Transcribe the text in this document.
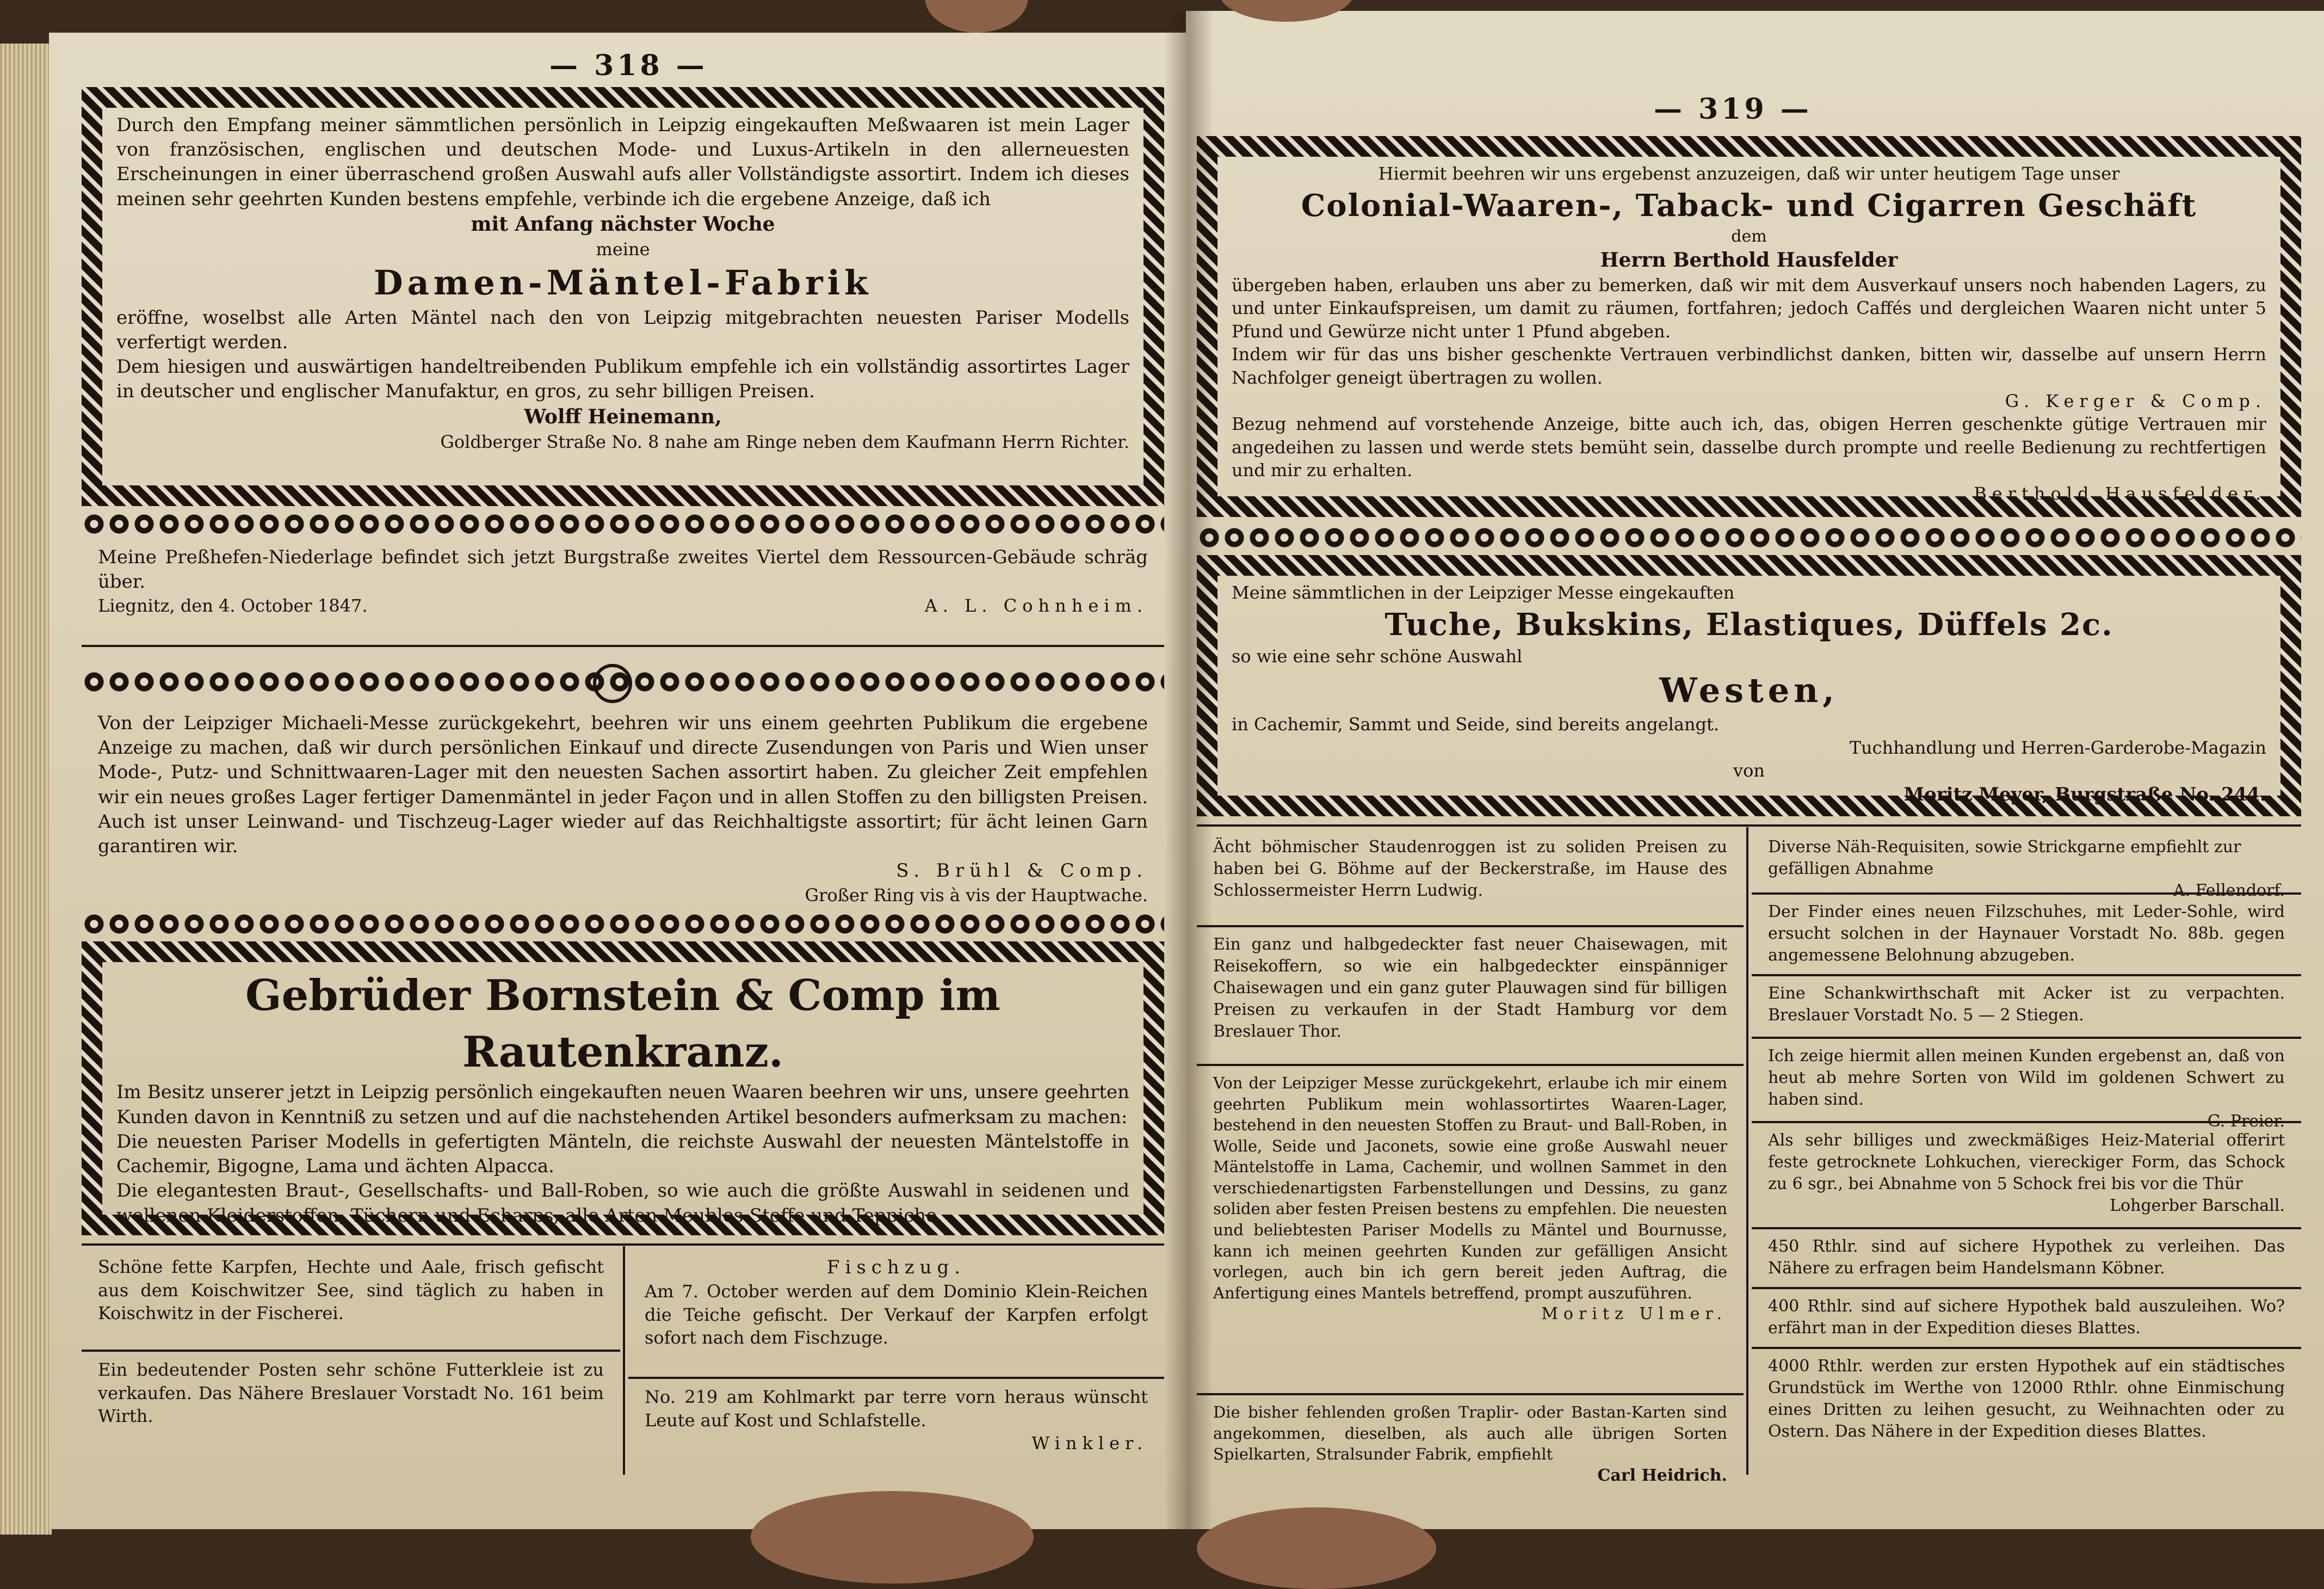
— 318 —

Durch den Empfang meiner sämmtlichen persönlich in Leipzig eingekauften Meßwaaren ist mein Lager von französischen, englischen und deutschen Mode- und Luxus-Artikeln in den allerneuesten Erscheinungen in einer überraschend großen Auswahl aufs aller Vollständigste assortirt. Indem ich dieses meinen sehr geehrten Kunden bestens empfehle, verbinde ich die ergebene Anzeige, daß ich

mit Anfang nächster Woche

meine

Damen-Mäntel-Fabrik

eröffne, woselbst alle Arten Mäntel nach den von Leipzig mitgebrachten neuesten Pariser Modells verfertigt werden.

Dem hiesigen und auswärtigen handeltreibenden Publikum empfehle ich ein vollständig assortirtes Lager in deutscher und englischer Manufaktur, en gros, zu sehr billigen Preisen.

Wolff Heinemann,

Goldberger Straße No. 8 nahe am Ringe neben dem Kaufmann Herrn Richter.

Meine Preßhefen-Niederlage befindet sich jetzt Burgstraße zweites Viertel dem Ressourcen-Gebäude schräg über.

Liegnitz, den 4. October 1847.	A. L. Cohnheim.

Von der Leipziger Michaeli-Messe zurückgekehrt, beehren wir uns einem geehrten Publikum die ergebene Anzeige zu machen, daß wir durch persönlichen Einkauf und directe Zusendungen von Paris und Wien unser Mode-, Putz- und Schnittwaaren-Lager mit den neuesten Sachen assortirt haben. Zu gleicher Zeit empfehlen wir ein neues großes Lager fertiger Damenmäntel in jeder Façon und in allen Stoffen zu den billigsten Preisen. Auch ist unser Leinwand- und Tischzeug-Lager wieder auf das Reichhaltigste assortirt; für ächt leinen Garn garantiren wir.

S. Brühl & Comp.

Großer Ring vis à vis der Hauptwache.

Gebrüder Bornstein & Comp im Rautenkranz.

Im Besitz unserer jetzt in Leipzig persönlich eingekauften neuen Waaren beehren wir uns, unsere geehrten Kunden davon in Kenntniß zu setzen und auf die nachstehenden Artikel besonders aufmerksam zu machen:

Die neuesten Pariser Modells in gefertigten Mänteln, die reichste Auswahl der neuesten Mäntelstoffe in Cachemir, Bigogne, Lama und ächten Alpacca.

Die elegantesten Braut-, Gesellschafts- und Ball-Roben, so wie auch die größte Auswahl in seidenen und wollenen Kleiderstoffen, Tüchern und Echarps, alle Arten Meubles-Stoffe und Teppiche.

Schöne fette Karpfen, Hechte und Aale, frisch gefischt aus dem Koischwitzer See, sind täglich zu haben in Koischwitz in der Fischerei.

Ein bedeutender Posten sehr schöne Futterkleie ist zu verkaufen. Das Nähere Breslauer Vorstadt No. 161 beim Wirth.

Fischzug.

Am 7. October werden auf dem Dominio Klein-Reichen die Teiche gefischt. Der Verkauf der Karpfen erfolgt sofort nach dem Fischzuge.

No. 219 am Kohlmarkt par terre vorn heraus wünscht Leute auf Kost und Schlafstelle.

Winkler.

— 319 —

Hiermit beehren wir uns ergebenst anzuzeigen, daß wir unter heutigem Tage unser

Colonial-Waaren-, Taback- und Cigarren Geschäft

dem

Herrn Berthold Hausfelder

übergeben haben, erlauben uns aber zu bemerken, daß wir mit dem Ausverkauf unsers noch habenden Lagers, zu und unter Einkaufspreisen, um damit zu räumen, fortfahren; jedoch Caffés und dergleichen Waaren nicht unter 5 Pfund und Gewürze nicht unter 1 Pfund abgeben.

Indem wir für das uns bisher geschenkte Vertrauen verbindlichst danken, bitten wir, dasselbe auf unsern Herrn Nachfolger geneigt übertragen zu wollen.

G. Kerger & Comp.

Bezug nehmend auf vorstehende Anzeige, bitte auch ich, das, obigen Herren geschenkte gütige Vertrauen mir angedeihen zu lassen und werde stets bemüht sein, dasselbe durch prompte und reelle Bedienung zu rechtfertigen und mir zu erhalten.

Berthold Hausfelder.

Meine sämmtlichen in der Leipziger Messe eingekauften

Tuche, Bukskins, Elastiques, Düffels 2c.

so wie eine sehr schöne Auswahl

Westen,

in Cachemir, Sammt und Seide, sind bereits angelangt.

Tuchhandlung und Herren-Garderobe-Magazin

von

Moritz Meyer, Burgstraße No. 244.

Ächt böhmischer Staudenroggen ist zu soliden Preisen zu haben bei G. Böhme auf der Beckerstraße, im Hause des Schlossermeister Herrn Ludwig.

Ein ganz und halbgedeckter fast neuer Chaisewagen, mit Reisekoffern, so wie ein halbgedeckter einspänniger Chaisewagen und ein ganz guter Plauwagen sind für billigen Preisen zu verkaufen in der Stadt Hamburg vor dem Breslauer Thor.

Von der Leipziger Messe zurückgekehrt, erlaube ich mir einem geehrten Publikum mein wohlassortirtes Waaren-Lager, bestehend in den neuesten Stoffen zu Braut- und Ball-Roben, in Wolle, Seide und Jaconets, sowie eine große Auswahl neuer Mäntelstoffe in Lama, Cachemir, und wollnen Sammet in den verschiedenartigsten Farbenstellungen und Dessins, zu ganz soliden aber festen Preisen bestens zu empfehlen. Die neuesten und beliebtesten Pariser Modells zu Mäntel und Bournusse, kann ich meinen geehrten Kunden zur gefälligen Ansicht vorlegen, auch bin ich gern bereit jeden Auftrag, die Anfertigung eines Mantels betreffend, prompt auszuführen.

Moritz Ulmer.

Die bisher fehlenden großen Traplir- oder Bastan-Karten sind angekommen, dieselben, als auch alle übrigen Sorten Spielkarten, Stralsunder Fabrik, empfiehlt

Carl Heidrich.

Diverse Näh-Requisiten, sowie Strickgarne empfiehlt zur gefälligen Abnahme

A. Fellendorf.

Der Finder eines neuen Filzschuhes, mit Leder-Sohle, wird ersucht solchen in der Haynauer Vorstadt No. 88b. gegen angemessene Belohnung abzugeben.

Eine Schankwirthschaft mit Acker ist zu verpachten. Breslauer Vorstadt No. 5 — 2 Stiegen.

Ich zeige hiermit allen meinen Kunden ergebenst an, daß von heut ab mehre Sorten von Wild im goldenen Schwert zu haben sind.

G. Preier.

Als sehr billiges und zweckmäßiges Heiz-Material offerirt feste getrocknete Lohkuchen, viereckiger Form, das Schock zu 6 sgr., bei Abnahme von 5 Schock frei bis vor die Thür

Lohgerber Barschall.

450 Rthlr. sind auf sichere Hypothek zu verleihen. Das Nähere zu erfragen beim Handelsmann Köbner.

400 Rthlr. sind auf sichere Hypothek bald auszuleihen. Wo? erfährt man in der Expedition dieses Blattes.

4000 Rthlr. werden zur ersten Hypothek auf ein städtisches Grundstück im Werthe von 12000 Rthlr. ohne Einmischung eines Dritten zu leihen gesucht, zu Weihnachten oder zu Ostern. Das Nähere in der Expedition dieses Blattes.
